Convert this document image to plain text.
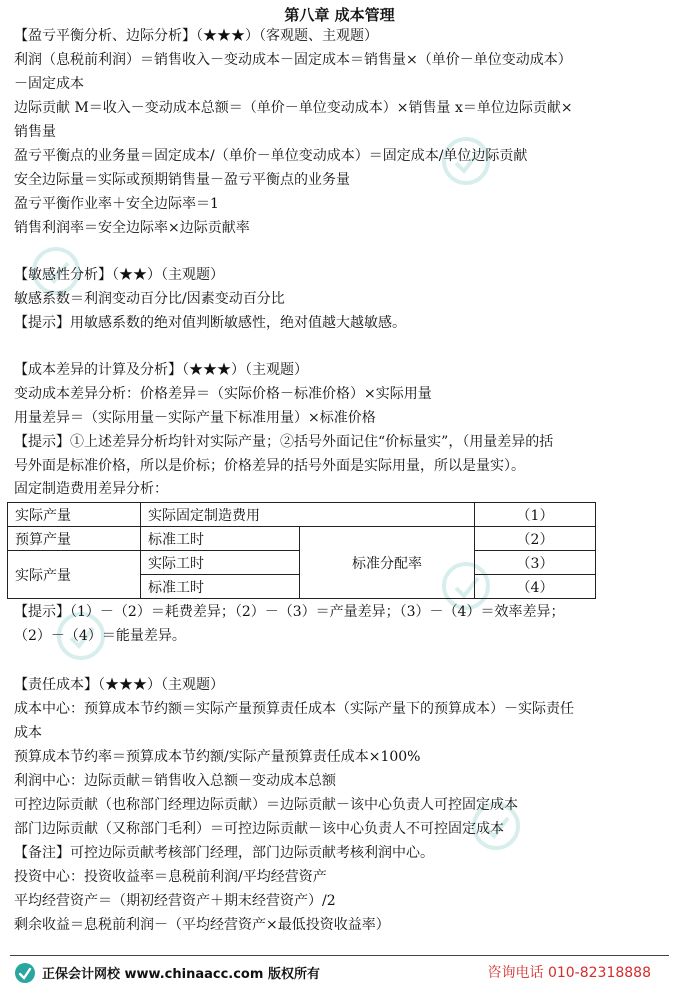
第八章 成本管理
【盈亏平衡分析、边际分析】（★★★）（客观题、主观题）
利润（息税前利润）＝销售收入－变动成本－固定成本＝销售量×（单价－单位变动成本）
－固定成本
边际贡献 M＝收入－变动成本总额＝（单价－单位变动成本）×销售量 x＝单位边际贡献×
销售量
盈亏平衡点的业务量＝固定成本/（单价－单位变动成本）＝固定成本/单位边际贡献
安全边际量＝实际或预期销售量－盈亏平衡点的业务量
盈亏平衡作业率＋安全边际率＝1
销售利润率＝安全边际率×边际贡献率
【敏感性分析】（★★）（主观题）
敏感系数＝利润变动百分比/因素变动百分比
【提示】用敏感系数的绝对值判断敏感性，绝对值越大越敏感。
【成本差异的计算及分析】（★★★）（主观题）
变动成本差异分析：价格差异＝（实际价格－标准价格）×实际用量
用量差异＝（实际用量－实际产量下标准用量）×标准价格
【提示】①上述差异分析均针对实际产量；②括号外面记住“价标量实”，（用量差异的括
号外面是标准价格，所以是价标；价格差异的括号外面是实际用量，所以是量实）。
固定制造费用差异分析：
实际产量	实际固定制造费用		（1）
预算产量	标准工时	标准分配率	（2）
实际产量	实际工时		（3）
	标准工时		（4）
【提示】（1）－（2）＝耗费差异；（2）－（3）＝产量差异；（3）－（4）＝效率差异；
（2）－（4）＝能量差异。
【责任成本】（★★★）（主观题）
成本中心：预算成本节约额＝实际产量预算责任成本（实际产量下的预算成本）－实际责任
成本
预算成本节约率＝预算成本节约额/实际产量预算责任成本×100%
利润中心：边际贡献＝销售收入总额－变动成本总额
可控边际贡献（也称部门经理边际贡献）＝边际贡献－该中心负责人可控固定成本
部门边际贡献（又称部门毛利）＝可控边际贡献－该中心负责人不可控固定成本
【备注】可控边际贡献考核部门经理，部门边际贡献考核利润中心。
投资中心：投资收益率＝息税前利润/平均经营资产
平均经营资产＝（期初经营资产＋期末经营资产）/2
剩余收益＝息税前利润－（平均经营资产×最低投资收益率）
正保会计网校 www.chinaacc.com 版权所有	咨询电话 010-82318888
